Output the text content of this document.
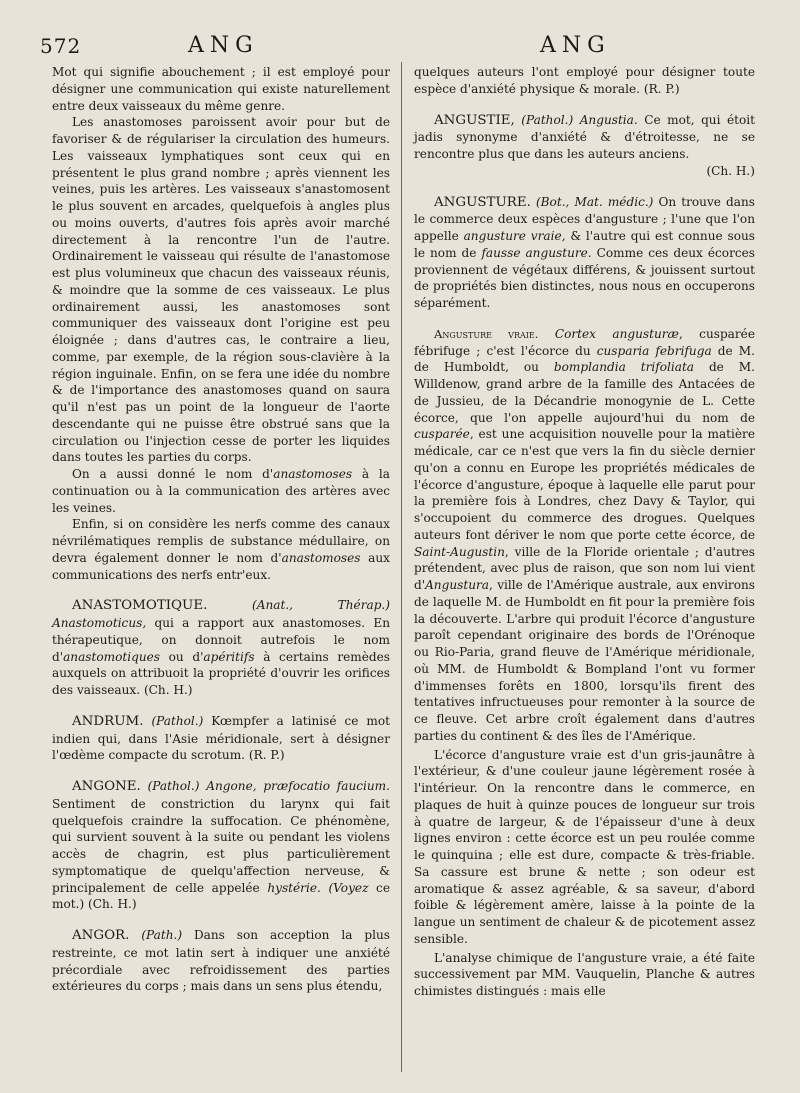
572	ANG	ANG

Mot qui signifie abouchement ; il est employé pour désigner une communication qui existe naturellement entre deux vaisseaux du même genre.

Les anastomoses paroissent avoir pour but de favoriser & de régulariser la circulation des humeurs. Les vaisseaux lymphatiques sont ceux qui en présentent le plus grand nombre ; après viennent les veines, puis les artères. Les vaisseaux s'anastomosent le plus souvent en arcades, quelquefois à angles plus ou moins ouverts, d'autres fois après avoir marché directement à la rencontre l'un de l'autre. Ordinairement le vaisseau qui résulte de l'anastomose est plus volumineux que chacun des vaisseaux réunis, & moindre que la somme de ces vaisseaux. Le plus ordinairement aussi, les anastomoses sont communiquer des vaisseaux dont l'origine est peu éloignée ; dans d'autres cas, le contraire a lieu, comme, par exemple, de la région sous-clavière à la région inguinale. Enfin, on se fera une idée du nombre & de l'importance des anastomoses quand on saura qu'il n'est pas un point de la longueur de l'aorte descendante qui ne puisse être obstrué sans que la circulation ou l'injection cesse de porter les liquides dans toutes les parties du corps.

On a aussi donné le nom d'anastomoses à la continuation ou à la communication des artères avec les veines.

Enfin, si on considère les nerfs comme des canaux névrilématiques remplis de substance médullaire, on devra également donner le nom d'anastomoses aux communications des nerfs entr'eux.

ANASTOMOTIQUE.	(Anat., Thérap.) Anastomoticus, qui a rapport aux anastomoses. En thérapeutique, on donnoit autrefois le nom d'anastomotiques ou d'apéritifs à certains remèdes auxquels on attribuoit la propriété d'ouvrir les orifices des vaisseaux. (Ch. H.)

ANDRUM. (Pathol.) Kœmpfer a latinisé ce mot indien qui, dans l'Asie méridionale, sert à désigner l'œdème compacte du scrotum. (R. P.)

ANGONE. (Pathol.) Angone, præfocatio faucium. Sentiment de constriction du larynx qui fait quelquefois craindre la suffocation. Ce phénomène, qui survient souvent à la suite ou pendant les violens accès de chagrin, est plus particulièrement symptomatique de quelqu'affection nerveuse, & principalement de celle appelée hystérie. (Voyez ce mot.) (Ch. H.)

ANGOR. (Path.) Dans son acception la plus restreinte, ce mot latin sert à indiquer une anxiété précordiale avec refroidissement des parties extérieures du corps ; mais dans un sens plus étendu,

quelques auteurs l'ont employé pour désigner toute espèce d'anxiété physique & morale. (R. P.)

ANGUSTIE, (Pathol.) Angustia. Ce mot, qui étoit jadis synonyme d'anxiété & d'étroitesse, ne se rencontre plus que dans les auteurs anciens.
(Ch. H.)

ANGUSTURE. (Bot., Mat. médic.) On trouve dans le commerce deux espèces d'angusture ; l'une que l'on appelle angusture vraie, & l'autre qui est connue sous le nom de fausse angusture. Comme ces deux écorces proviennent de végétaux différens, & jouissent surtout de propriétés bien distinctes, nous nous en occuperons séparément.

Angusture vraie. Cortex angusturæ, cusparée fébrifuge ; c'est l'écorce du cusparia febrifuga de M. de Humboldt, ou bomplandia trifoliata de M. Willdenow, grand arbre de la famille des Antacées de de Jussieu, de la Décandrie monogynie de L. Cette écorce, que l'on appelle aujourd'hui du nom de cusparée, est une acquisition nouvelle pour la matière médicale, car ce n'est que vers la fin du siècle dernier qu'on a connu en Europe les propriétés médicales de l'écorce d'angusture, époque à laquelle elle parut pour la première fois à Londres, chez Davy & Taylor, qui s'occupoient du commerce des drogues. Quelques auteurs font dériver le nom que porte cette écorce, de Saint-Augustin, ville de la Floride orientale ; d'autres prétendent, avec plus de raison, que son nom lui vient d'Angustura, ville de l'Amérique australe, aux environs de laquelle M. de Humboldt en fit pour la première fois la découverte. L'arbre qui produit l'écorce d'angusture paroît cependant originaire des bords de l'Orénoque ou Rio-Paria, grand fleuve de l'Amérique méridionale, où MM. de Humboldt & Bompland l'ont vu former d'immenses forêts en 1800, lorsqu'ils firent des tentatives infructueuses pour remonter à la source de ce fleuve. Cet arbre croît également dans d'autres parties du continent & des îles de l'Amérique.

L'écorce d'angusture vraie est d'un gris-jaunâtre à l'extérieur, & d'une couleur jaune légèrement rosée à l'intérieur. On la rencontre dans le commerce, en plaques de huit à quinze pouces de longueur sur trois à quatre de largeur, & de l'épaisseur d'une à deux lignes environ : cette écorce est un peu roulée comme le quinquina ; elle est dure, compacte & très-friable. Sa cassure est brune & nette ; son odeur est aromatique & assez agréable, & sa saveur, d'abord foible & légèrement amère, laisse à la pointe de la langue un sentiment de chaleur & de picotement assez sensible.

L'analyse chimique de l'angusture vraie, a été faite successivement par MM. Vauquelin, Planche & autres chimistes distingués : mais elle
